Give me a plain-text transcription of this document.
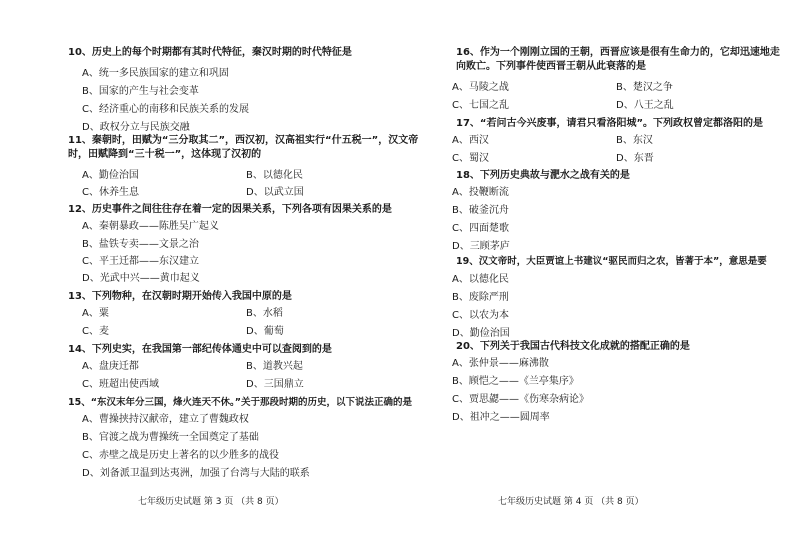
10、历史上的每个时期都有其时代特征，秦汉时期的时代特征是
A、统一多民族国家的建立和巩固
B、国家的产生与社会变革
C、经济重心的南移和民族关系的发展
D、政权分立与民族交融
11、秦朝时，田赋为“三分取其二”，西汉初，汉高祖实行“什五税一”，汉文帝时，田赋降到“三十税一”，这体现了汉初的
A、勤俭治国	B、以德化民
C、休养生息	D、以武立国
12、历史事件之间往往存在着一定的因果关系，下列各项有因果关系的是
A、秦朝暴政——陈胜吴广起义
B、盐铁专卖——文景之治
C、平王迁都——东汉建立
D、光武中兴——黄巾起义
13、下列物种，在汉朝时期开始传入我国中原的是
A、粟	B、水稻
C、麦	D、葡萄
14、下列史实，在我国第一部纪传体通史中可以查阅到的是
A、盘庚迁都	B、道教兴起
C、班超出使西域	D、三国鼎立
15、“东汉末年分三国，烽火连天不休。”关于那段时期的历史，以下说法正确的是
A、曹操挟持汉献帝，建立了曹魏政权
B、官渡之战为曹操统一全国奠定了基础
C、赤壁之战是历史上著名的以少胜多的战役
D、刘备派卫温到达夷洲，加强了台湾与大陆的联系
七年级历史试题 第 3 页 （共 8 页）
16、作为一个刚刚立国的王朝，西晋应该是很有生命力的，它却迅速地走向败亡。下列事件使西晋王朝从此衰落的是
A、马陵之战	B、楚汉之争
C、七国之乱	D、八王之乱
17、“若问古今兴废事，请君只看洛阳城”。下列政权曾定都洛阳的是
A、西汉	B、东汉
C、蜀汉	D、东晋
18、下列历史典故与淝水之战有关的是
A、投鞭断流
B、破釜沉舟
C、四面楚歌
D、三顾茅庐
19、汉文帝时，大臣贾谊上书建议“驱民而归之农，皆著于本”，意思是要
A、以德化民
B、废除严刑
C、以农为本
D、勤俭治国
20、下列关于我国古代科技文化成就的搭配正确的是
A、张仲景——麻沸散
B、顾恺之——《兰亭集序》
C、贾思勰——《伤寒杂病论》
D、祖冲之——圆周率
七年级历史试题 第 4 页 （共 8 页）
